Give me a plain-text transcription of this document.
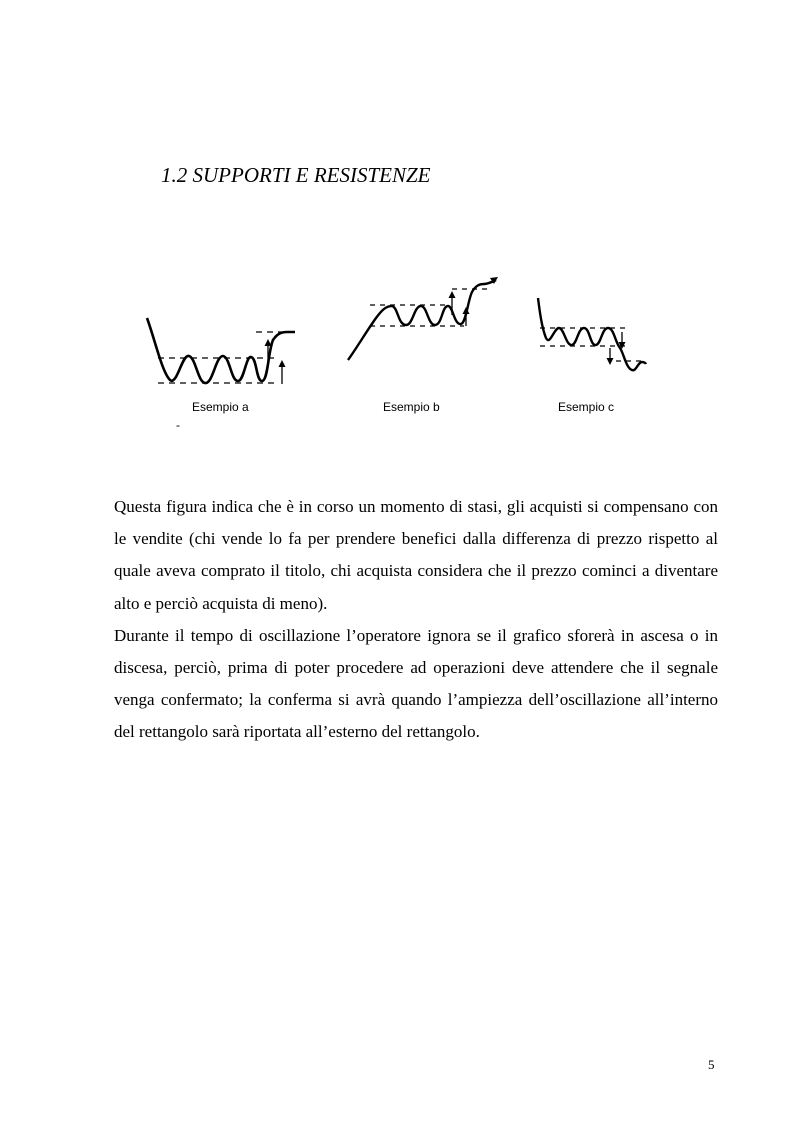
1.2 SUPPORTI E RESISTENZE
Esempio a
-
Esempio b	Esempio c

Questa figura indica che è in corso un momento di stasi, gli acquisti si compensano con le vendite (chi vende lo fa per prendere benefici dalla differenza di prezzo rispetto al quale aveva comprato il titolo, chi acquista considera che il prezzo cominci a diventare alto e perciò acquista di meno).

Durante il tempo di oscillazione l’operatore ignora se il grafico sforerà in ascesa o in discesa, perciò, prima di poter procedere ad operazioni deve attendere che il segnale venga confermato; la conferma si avrà quando l’ampiezza dell’oscillazione all’interno del rettangolo sarà riportata all’esterno del rettangolo.

5
